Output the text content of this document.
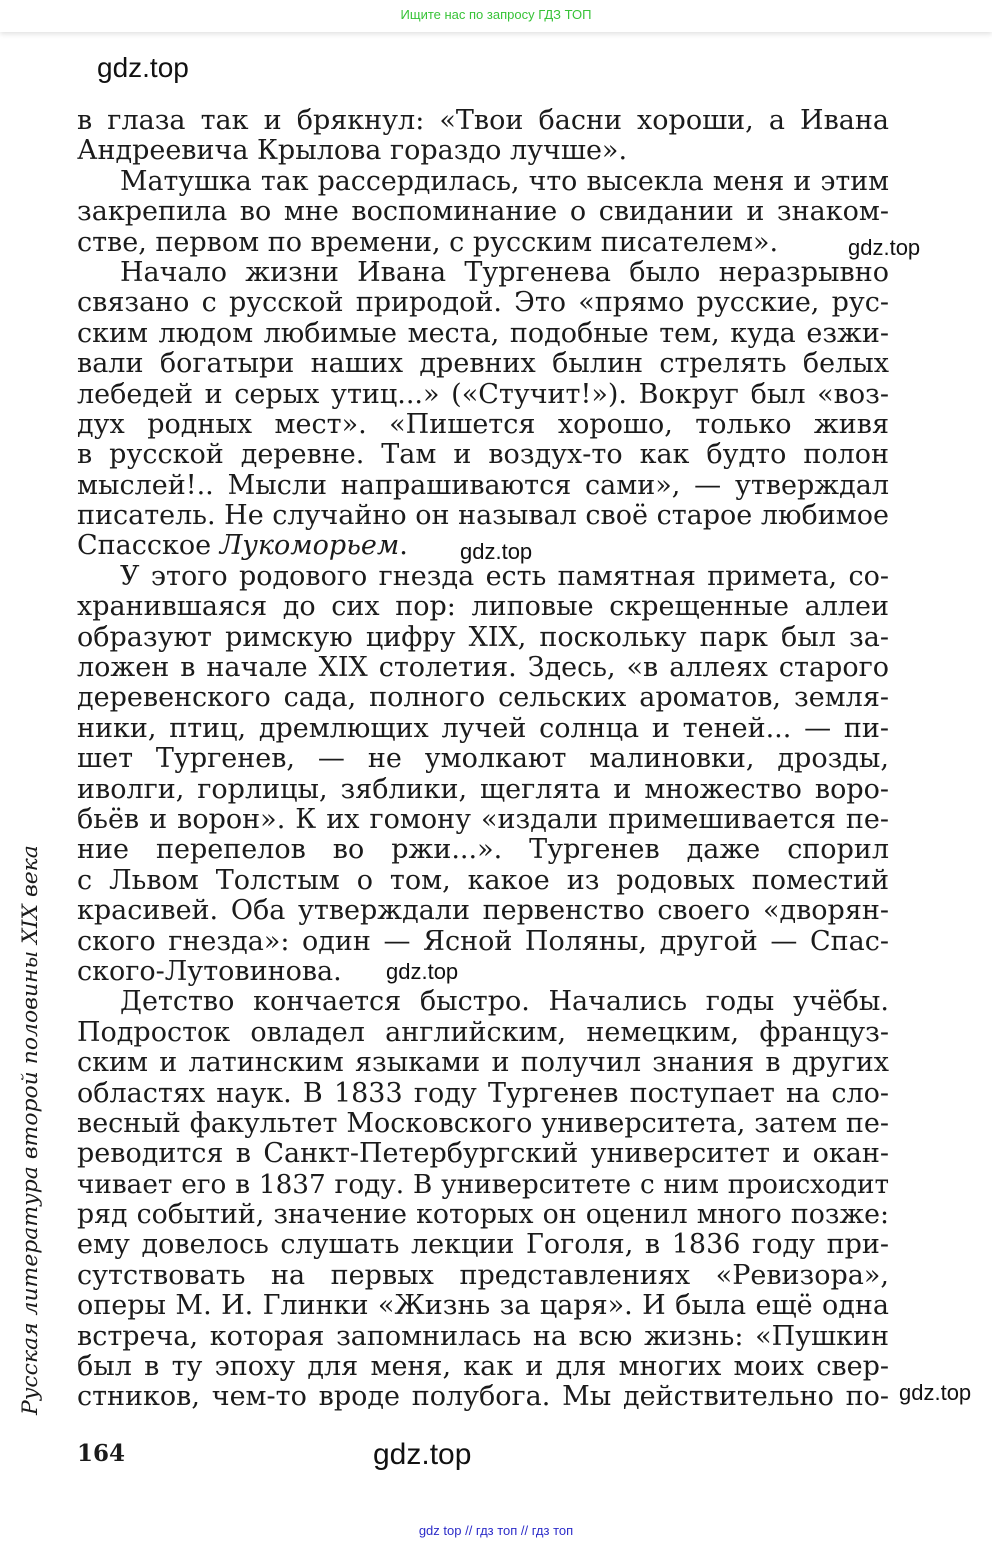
Ищите нас по запросу ГДЗ ТОП
gdz.top
gdz.top
gdz.top
gdz.top
gdz.top
gdz.top
Русская литература второй половины XIX века
в глаза так и брякнул: «Твои басни хороши, а Ивана
Андреевича Крылова гораздо лучше».
Матушка так рассердилась, что высекла меня и этим
закрепила во мне воспоминание о свидании и знаком-
стве, первом по времени, с русским писателем».
Начало жизни Ивана Тургенева было неразрывно
связано с русской природой. Это «прямо русские, рус-
ским людом любимые места, подобные тем, куда езжи-
вали богатыри наших древних былин стрелять белых
лебедей и серых утиц...» («Стучит!»). Вокруг был «воз-
дух родных мест». «Пишется хорошо, только живя
в русской деревне. Там и воздух-то как будто полон
мыслей!.. Мысли напрашиваются сами», — утверждал
писатель. Не случайно он называл своё старое любимое
Спасское Лукоморьем.
У этого родового гнезда есть памятная примета, со-
хранившаяся до сих пор: липовые скрещенные аллеи
образуют римскую цифру XIX, поскольку парк был за-
ложен в начале XIX столетия. Здесь, «в аллеях старого
деревенского сада, полного сельских ароматов, земля-
ники, птиц, дремлющих лучей солнца и теней... — пи-
шет Тургенев, — не умолкают малиновки, дрозды,
иволги, горлицы, зяблики, щеглята и множество воро-
бьёв и ворон». К их гомону «издали примешивается пе-
ние перепелов во ржи...». Тургенев даже спорил
с Львом Толстым о том, какое из родовых поместий
красивей. Оба утверждали первенство своего «дворян-
ского гнезда»: один — Ясной Поляны, другой — Спас-
ского-Лутовинова.
Детство кончается быстро. Начались годы учёбы.
Подросток овладел английским, немецким, француз-
ским и латинским языками и получил знания в других
областях наук. В 1833 году Тургенев поступает на сло-
весный факультет Московского университета, затем пе-
реводится в Санкт-Петербургский университет и окан-
чивает его в 1837 году. В университете с ним происходит
ряд событий, значение которых он оценил много позже:
ему довелось слушать лекции Гоголя, в 1836 году при-
сутствовать на первых представлениях «Ревизора»,
оперы М. И. Глинки «Жизнь за царя». И была ещё одна
встреча, которая запомнилась на всю жизнь: «Пушкин
был в ту эпоху для меня, как и для многих моих свер-
стников, чем-то вроде полубога. Мы действительно по-
164
gdz top // гдз топ // гдз топ
